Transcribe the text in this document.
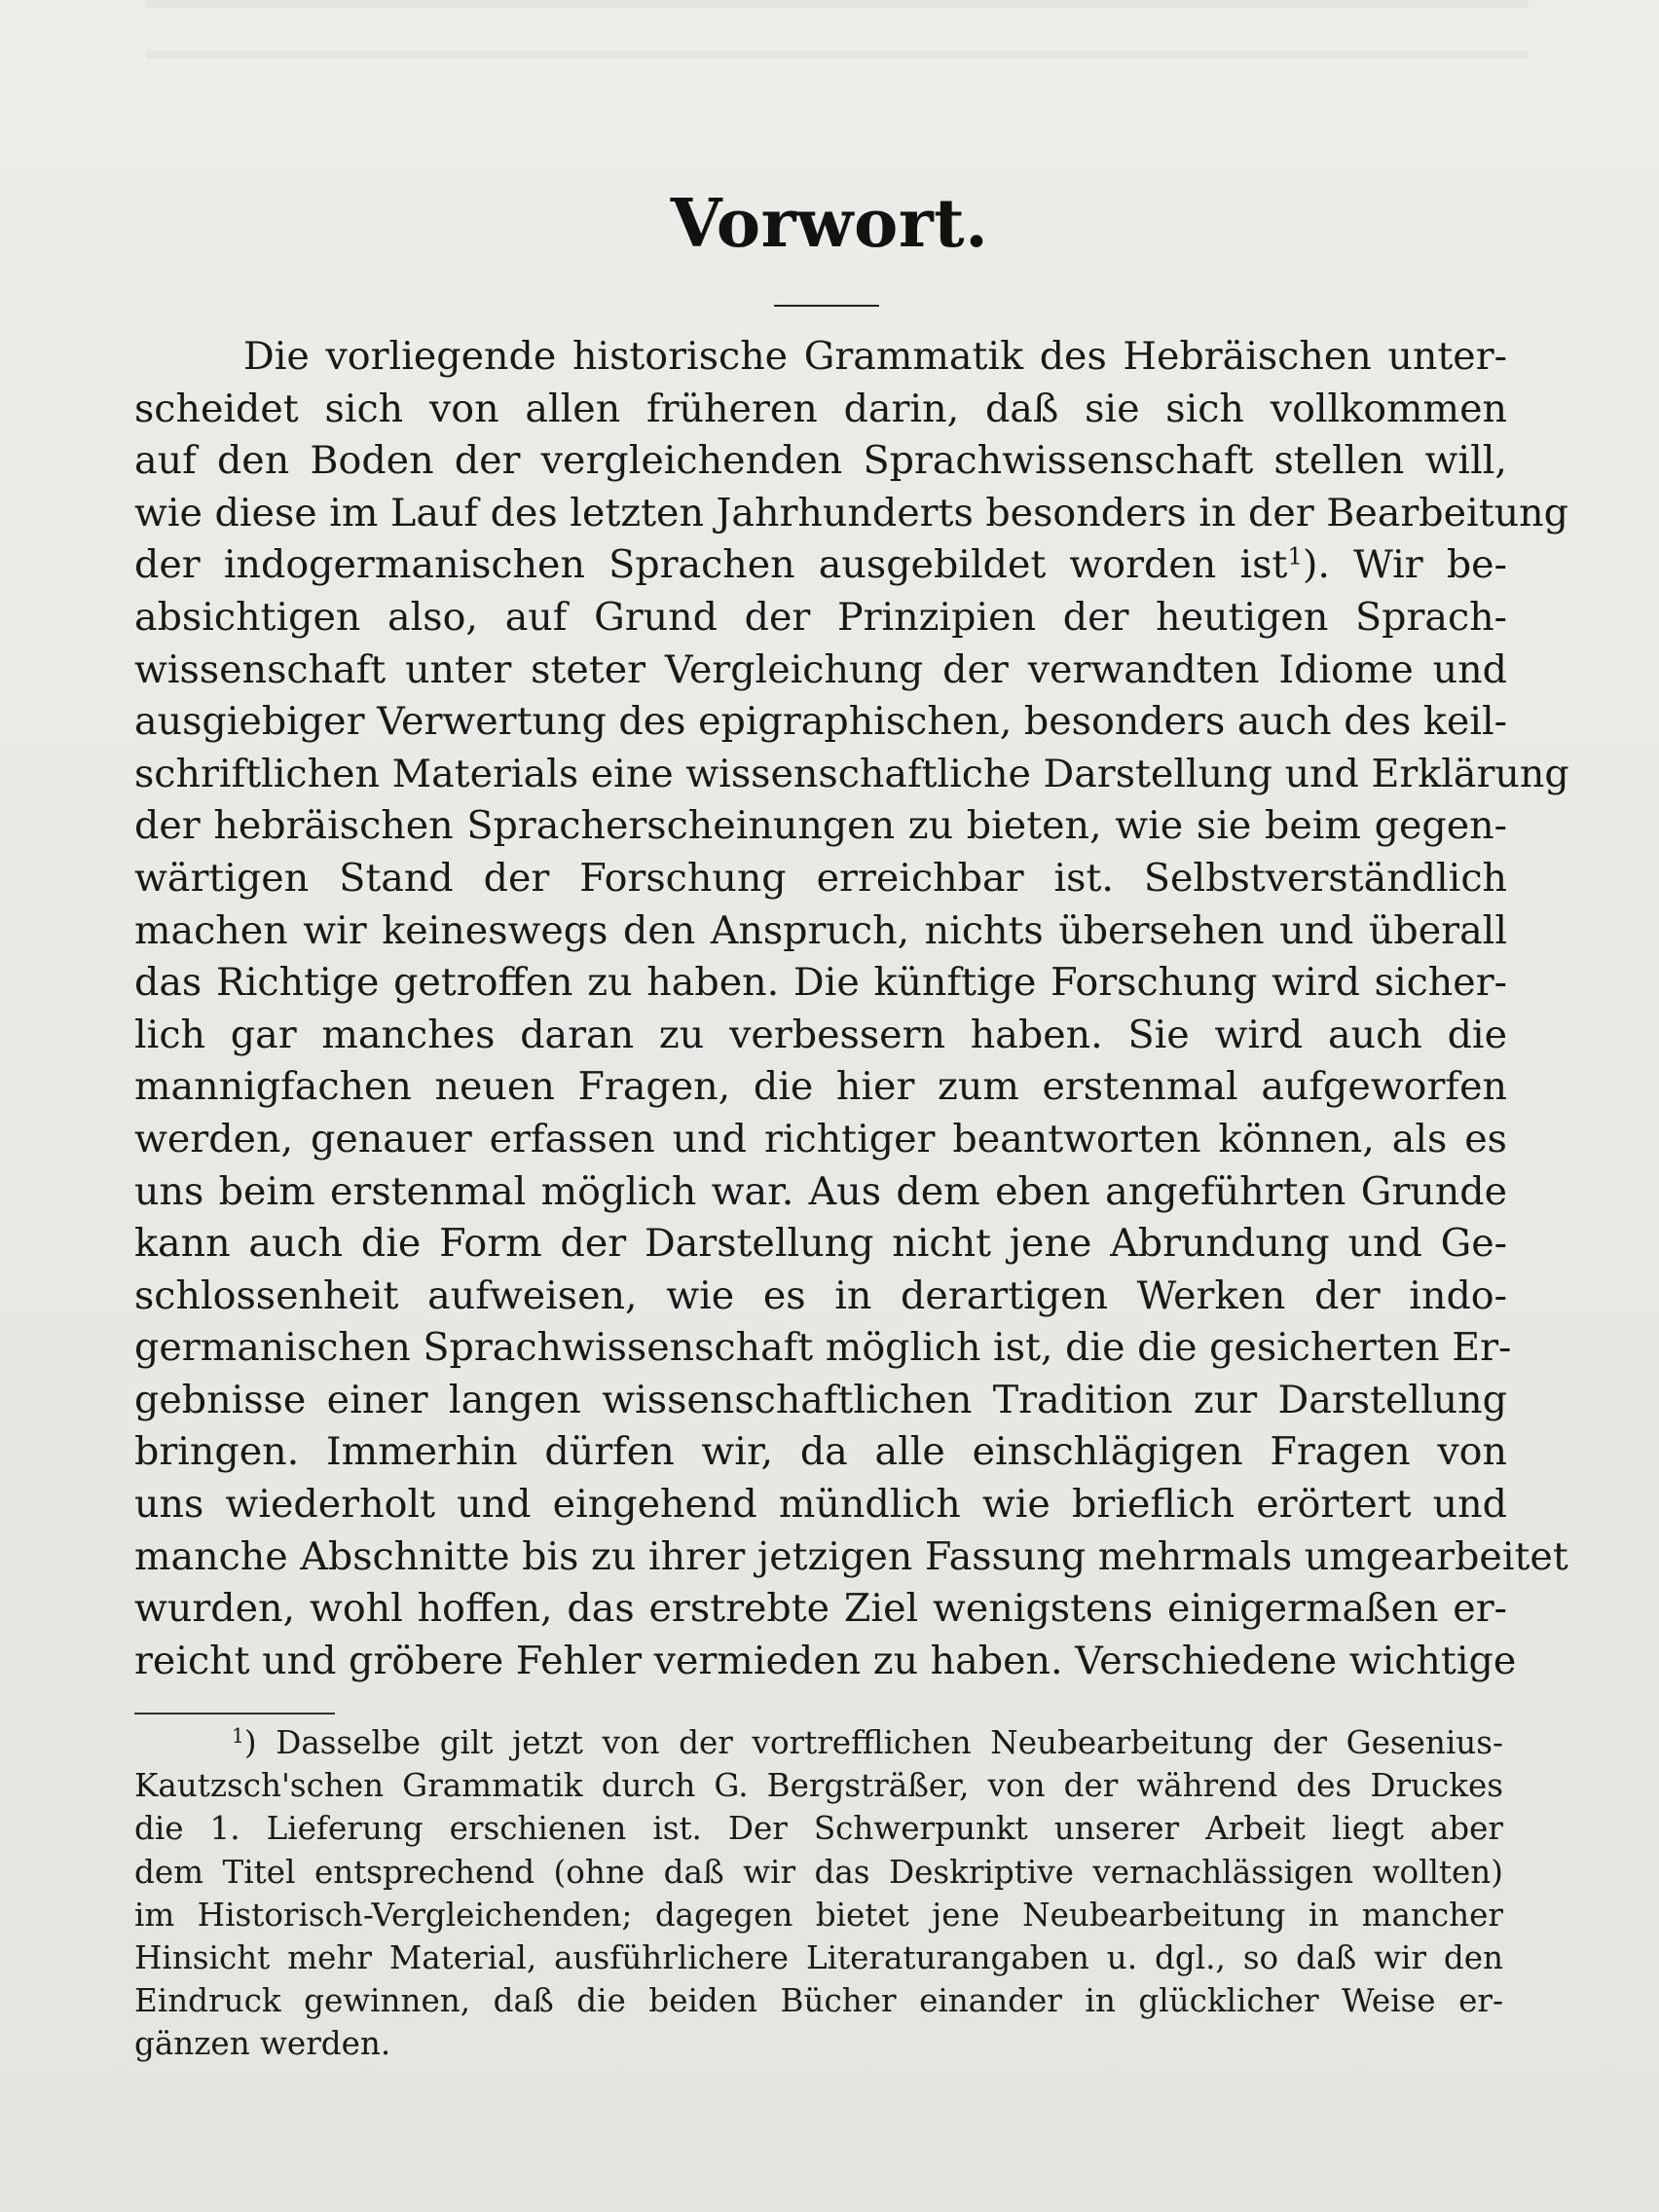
Vorwort.
Die vorliegende historische Grammatik des Hebräischen unter-
scheidet sich von allen früheren darin, daß sie sich vollkommen
auf den Boden der vergleichenden Sprachwissenschaft stellen will,
wie diese im Lauf des letzten Jahrhunderts besonders in der Bearbeitung
der indogermanischen Sprachen ausgebildet worden ist$^1$). Wir be-
absichtigen also, auf Grund der Prinzipien der heutigen Sprach-
wissenschaft unter steter Vergleichung der verwandten Idiome und
ausgiebiger Verwertung des epigraphischen, besonders auch des keil-
schriftlichen Materials eine wissenschaftliche Darstellung und Erklärung
der hebräischen Spracherscheinungen zu bieten, wie sie beim gegen-
wärtigen Stand der Forschung erreichbar ist. Selbstverständlich
machen wir keineswegs den Anspruch, nichts übersehen und überall
das Richtige getroffen zu haben. Die künftige Forschung wird sicher-
lich gar manches daran zu verbessern haben. Sie wird auch die
mannigfachen neuen Fragen, die hier zum erstenmal aufgeworfen
werden, genauer erfassen und richtiger beantworten können, als es
uns beim erstenmal möglich war. Aus dem eben angeführten Grunde
kann auch die Form der Darstellung nicht jene Abrundung und Ge-
schlossenheit aufweisen, wie es in derartigen Werken der indo-
germanischen Sprachwissenschaft möglich ist, die die gesicherten Er-
gebnisse einer langen wissenschaftlichen Tradition zur Darstellung
bringen. Immerhin dürfen wir, da alle einschlägigen Fragen von
uns wiederholt und eingehend mündlich wie brieflich erörtert und
manche Abschnitte bis zu ihrer jetzigen Fassung mehrmals umgearbeitet
wurden, wohl hoffen, das erstrebte Ziel wenigstens einigermaßen er-
reicht und gröbere Fehler vermieden zu haben. Verschiedene wichtige
$^1$) Dasselbe gilt jetzt von der vortrefflichen Neubearbeitung der Gesenius-
Kautzsch'schen Grammatik durch G. Bergsträßer, von der während des Druckes
die 1. Lieferung erschienen ist. Der Schwerpunkt unserer Arbeit liegt aber
dem Titel entsprechend (ohne daß wir das Deskriptive vernachlässigen wollten)
im Historisch-Vergleichenden; dagegen bietet jene Neubearbeitung in mancher
Hinsicht mehr Material, ausführlichere Literaturangaben u. dgl., so daß wir den
Eindruck gewinnen, daß die beiden Bücher einander in glücklicher Weise er-
gänzen werden.
